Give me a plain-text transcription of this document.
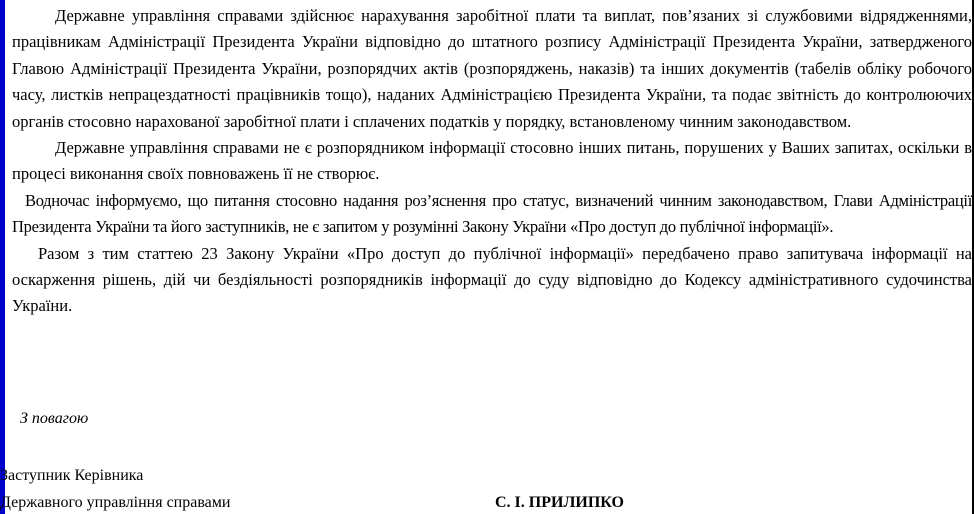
Державне управління справами здійснює нарахування заробітної плати та виплат, пов’язаних зі службовими відрядженнями, працівникам Адміністрації Президента України відповідно до штатного розпису Адміністрації Президента України, затвердженого Главою Адміністрації Президента України, розпорядчих актів (розпоряджень, наказів) та інших документів (табелів обліку робочого часу, листків непрацездатності працівників тощо), наданих Адміністрацією Президента України, та подає звітність до контролюючих органів стосовно нарахованої заробітної плати і сплачених податків у порядку, встановленому чинним законодавством.

Державне управління справами не є розпорядником інформації стосовно інших питань, порушених у Ваших запитах, оскільки в процесі виконання своїх повноважень її не створює.

Водночас інформуємо, що питання стосовно надання роз’яснення про статус, визначений чинним законодавством, Глави Адміністрації Президента України та його заступників, не є запитом у розумінні Закону України «Про доступ до публічної інформації».

Разом з тим статтею 23 Закону України «Про доступ до публічної інформації» передбачено право запитувача інформації на оскарження рішень, дій чи бездіяльності розпорядників інформації до суду відповідно до Кодексу адміністративного судочинства України.

З повагою
Заступник Керівника
Державного управління справами	С. І. ПРИЛИПКО
